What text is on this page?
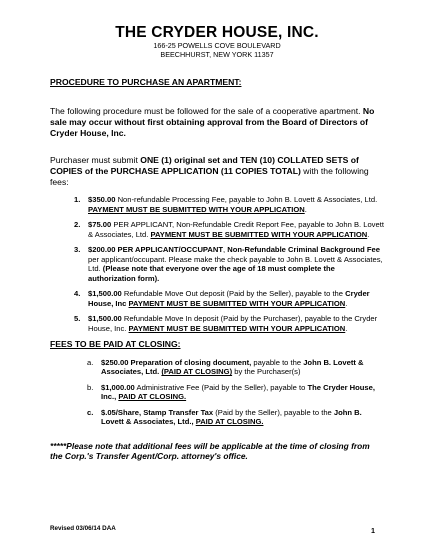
THE CRYDER HOUSE, INC.
166-25 POWELLS COVE BOULEVARD
BEECHHURST, NEW YORK 11357
PROCEDURE TO PURCHASE AN APARTMENT:
The following procedure must be followed for the sale of a cooperative apartment. No sale may occur without first obtaining approval from the Board of Directors of Cryder House, Inc.
Purchaser must submit ONE (1) original set and TEN (10) COLLATED SETS of COPIES of the PURCHASE APPLICATION (11 COPIES TOTAL) with the following fees:
1. $350.00 Non-refundable Processing Fee, payable to John B. Lovett & Associates, Ltd. PAYMENT MUST BE SUBMITTED WITH YOUR APPLICATION.
2. $75.00 PER APPLICANT, Non-Refundable Credit Report Fee, payable to John B. Lovett & Associates, Ltd. PAYMENT MUST BE SUBMITTED WITH YOUR APPLICATION.
3. $200.00 PER APPLICANT/OCCUPANT, Non-Refundable Criminal Background Fee per applicant/occupant. Please make the check payable to John B. Lovett & Associates, Ltd. (Please note that everyone over the age of 18 must complete the authorization form).
4. $1,500.00 Refundable Move Out deposit (Paid by the Seller), payable to the Cryder House, Inc PAYMENT MUST BE SUBMITTED WITH YOUR APPLICATION.
5. $1,500.00 Refundable Move In deposit (Paid by the Purchaser), payable to the Cryder House, Inc. PAYMENT MUST BE SUBMITTED WITH YOUR APPLICATION.
FEES TO BE PAID AT CLOSING:
a. $250.00 Preparation of closing document, payable to the John B. Lovett & Associates, Ltd. (PAID AT CLOSING) by the Purchaser(s)
b. $1,000.00 Administrative Fee (Paid by the Seller), payable to The Cryder House, Inc., PAID AT CLOSING.
c. $.05/Share, Stamp Transfer Tax (Paid by the Seller), payable to the John B. Lovett & Associates, Ltd., PAID AT CLOSING.
*****Please note that additional fees will be applicable at the time of closing from the Corp.'s Transfer Agent/Corp. attorney's office.
Revised 03/06/14 DAA	1
